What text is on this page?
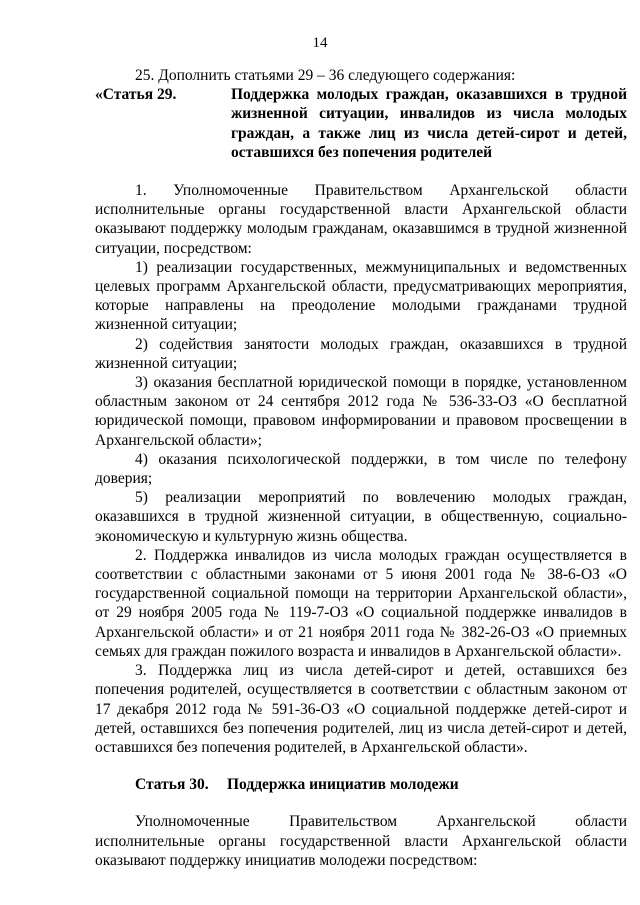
14

25. Дополнить статьями 29 – 36 следующего содержания:

«Статья 29.	Поддержка молодых граждан, оказавшихся в трудной жизненной ситуации, инвалидов из числа молодых граждан, а также лиц из числа детей-сирот и детей, оставшихся без попечения родителей

1. Уполномоченные Правительством Архангельской области исполнительные органы государственной власти Архангельской области оказывают поддержку молодым гражданам, оказавшимся в трудной жизненной ситуации, посредством:

1) реализации государственных, межмуниципальных и ведомственных целевых программ Архангельской области, предусматривающих мероприятия, которые направлены на преодоление молодыми гражданами трудной жизненной ситуации;

2) содействия занятости молодых граждан, оказавшихся в трудной жизненной ситуации;

3) оказания бесплатной юридической помощи в порядке, установленном областным законом от 24 сентября 2012 года № 536-33-ОЗ «О бесплатной юридической помощи, правовом информировании и правовом просвещении в Архангельской области»;

4) оказания психологической поддержки, в том числе по телефону доверия;

5) реализации мероприятий по вовлечению молодых граждан, оказавшихся в трудной жизненной ситуации, в общественную, социально-экономическую и культурную жизнь общества.

2. Поддержка инвалидов из числа молодых граждан осуществляется в соответствии с областными законами от 5 июня 2001 года № 38-6-ОЗ «О государственной социальной помощи на территории Архангельской области», от 29 ноября 2005 года № 119-7-ОЗ «О социальной поддержке инвалидов в Архангельской области» и от 21 ноября 2011 года № 382-26-ОЗ «О приемных семьях для граждан пожилого возраста и инвалидов в Архангельской области».

3. Поддержка лиц из числа детей-сирот и детей, оставшихся без попечения родителей, осуществляется в соответствии с областным законом от 17 декабря 2012 года № 591-36-ОЗ «О социальной поддержке детей-сирот и детей, оставшихся без попечения родителей, лиц из числа детей-сирот и детей, оставшихся без попечения родителей, в Архангельской области».

Статья 30. Поддержка инициатив молодежи

Уполномоченные Правительством Архангельской области исполнительные органы государственной власти Архангельской области оказывают поддержку инициатив молодежи посредством:
